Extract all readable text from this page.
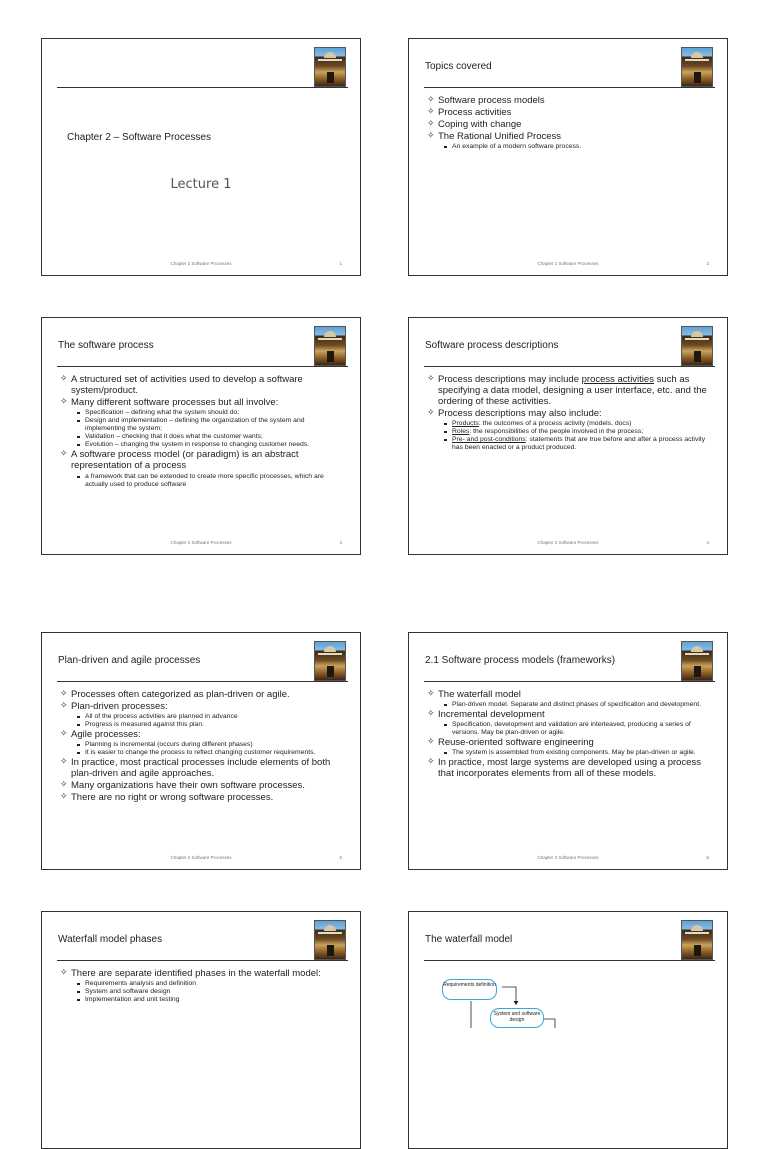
Chapter 2 – Software Processes
Lecture 1
Chapter 2 Software Processes	1
Topics covered
✧ Software process models
✧ Process activities
✧ Coping with change
✧ The Rational Unified Process
An example of a modern software process.
Chapter 2 Software Processes	2
The software process
✧ A structured set of activities used to develop a software system/product.
✧ Many different software processes but all involve:
Specification – defining what the system should do;
Design and implementation – defining the organization of the system and implementing the system;
Validation – checking that it does what the customer wants;
Evolution – changing the system in response to changing customer needs.
✧ A software process model (or paradigm) is an abstract representation of a process
a framework that can be extended to create more specific processes, which are actually used to produce software
Chapter 2 Software Processes	3
Software process descriptions
✧ Process descriptions may include process activities such as specifying a data model, designing a user interface, etc. and the ordering of these activities.
✧ Process descriptions may also include:
Products: the outcomes of a process activity (models, docs)
Roles: the responsibilities of the people involved in the process;
Pre- and post-conditions: statements that are true before and after a process activity has been enacted or a product produced.
Chapter 2 Software Processes	4
Plan-driven and agile processes
✧ Processes often categorized as plan-driven or agile.
✧ Plan-driven processes:
All of the process activities are planned in advance
Progress is measured against this plan.
✧ Agile processes:
Planning is incremental (occurs during different phases)
It is easier to change the process to reflect changing customer requirements.
✧ In practice, most practical processes include elements of both plan-driven and agile approaches.
✧ Many organizations have their own software processes.
✧ There are no right or wrong software processes.
Chapter 2 Software Processes	5
2.1 Software process models (frameworks)
✧ The waterfall model
Plan-driven model. Separate and distinct phases of specification and development.
✧ Incremental development
Specification, development and validation are interleaved, producing a series of versions. May be plan-driven or agile.
✧ Reuse-oriented software engineering
The system is assembled from existing components. May be plan-driven or agile.
✧ In practice, most large systems are developed using a process that incorporates elements from all of these models.
Chapter 2 Software Processes	6
Waterfall model phases
✧ There are separate identified phases in the waterfall model:
Requirements analysis and definition
System and software design
Implementation and unit testing
The waterfall model
Requirements definition
System and software design
